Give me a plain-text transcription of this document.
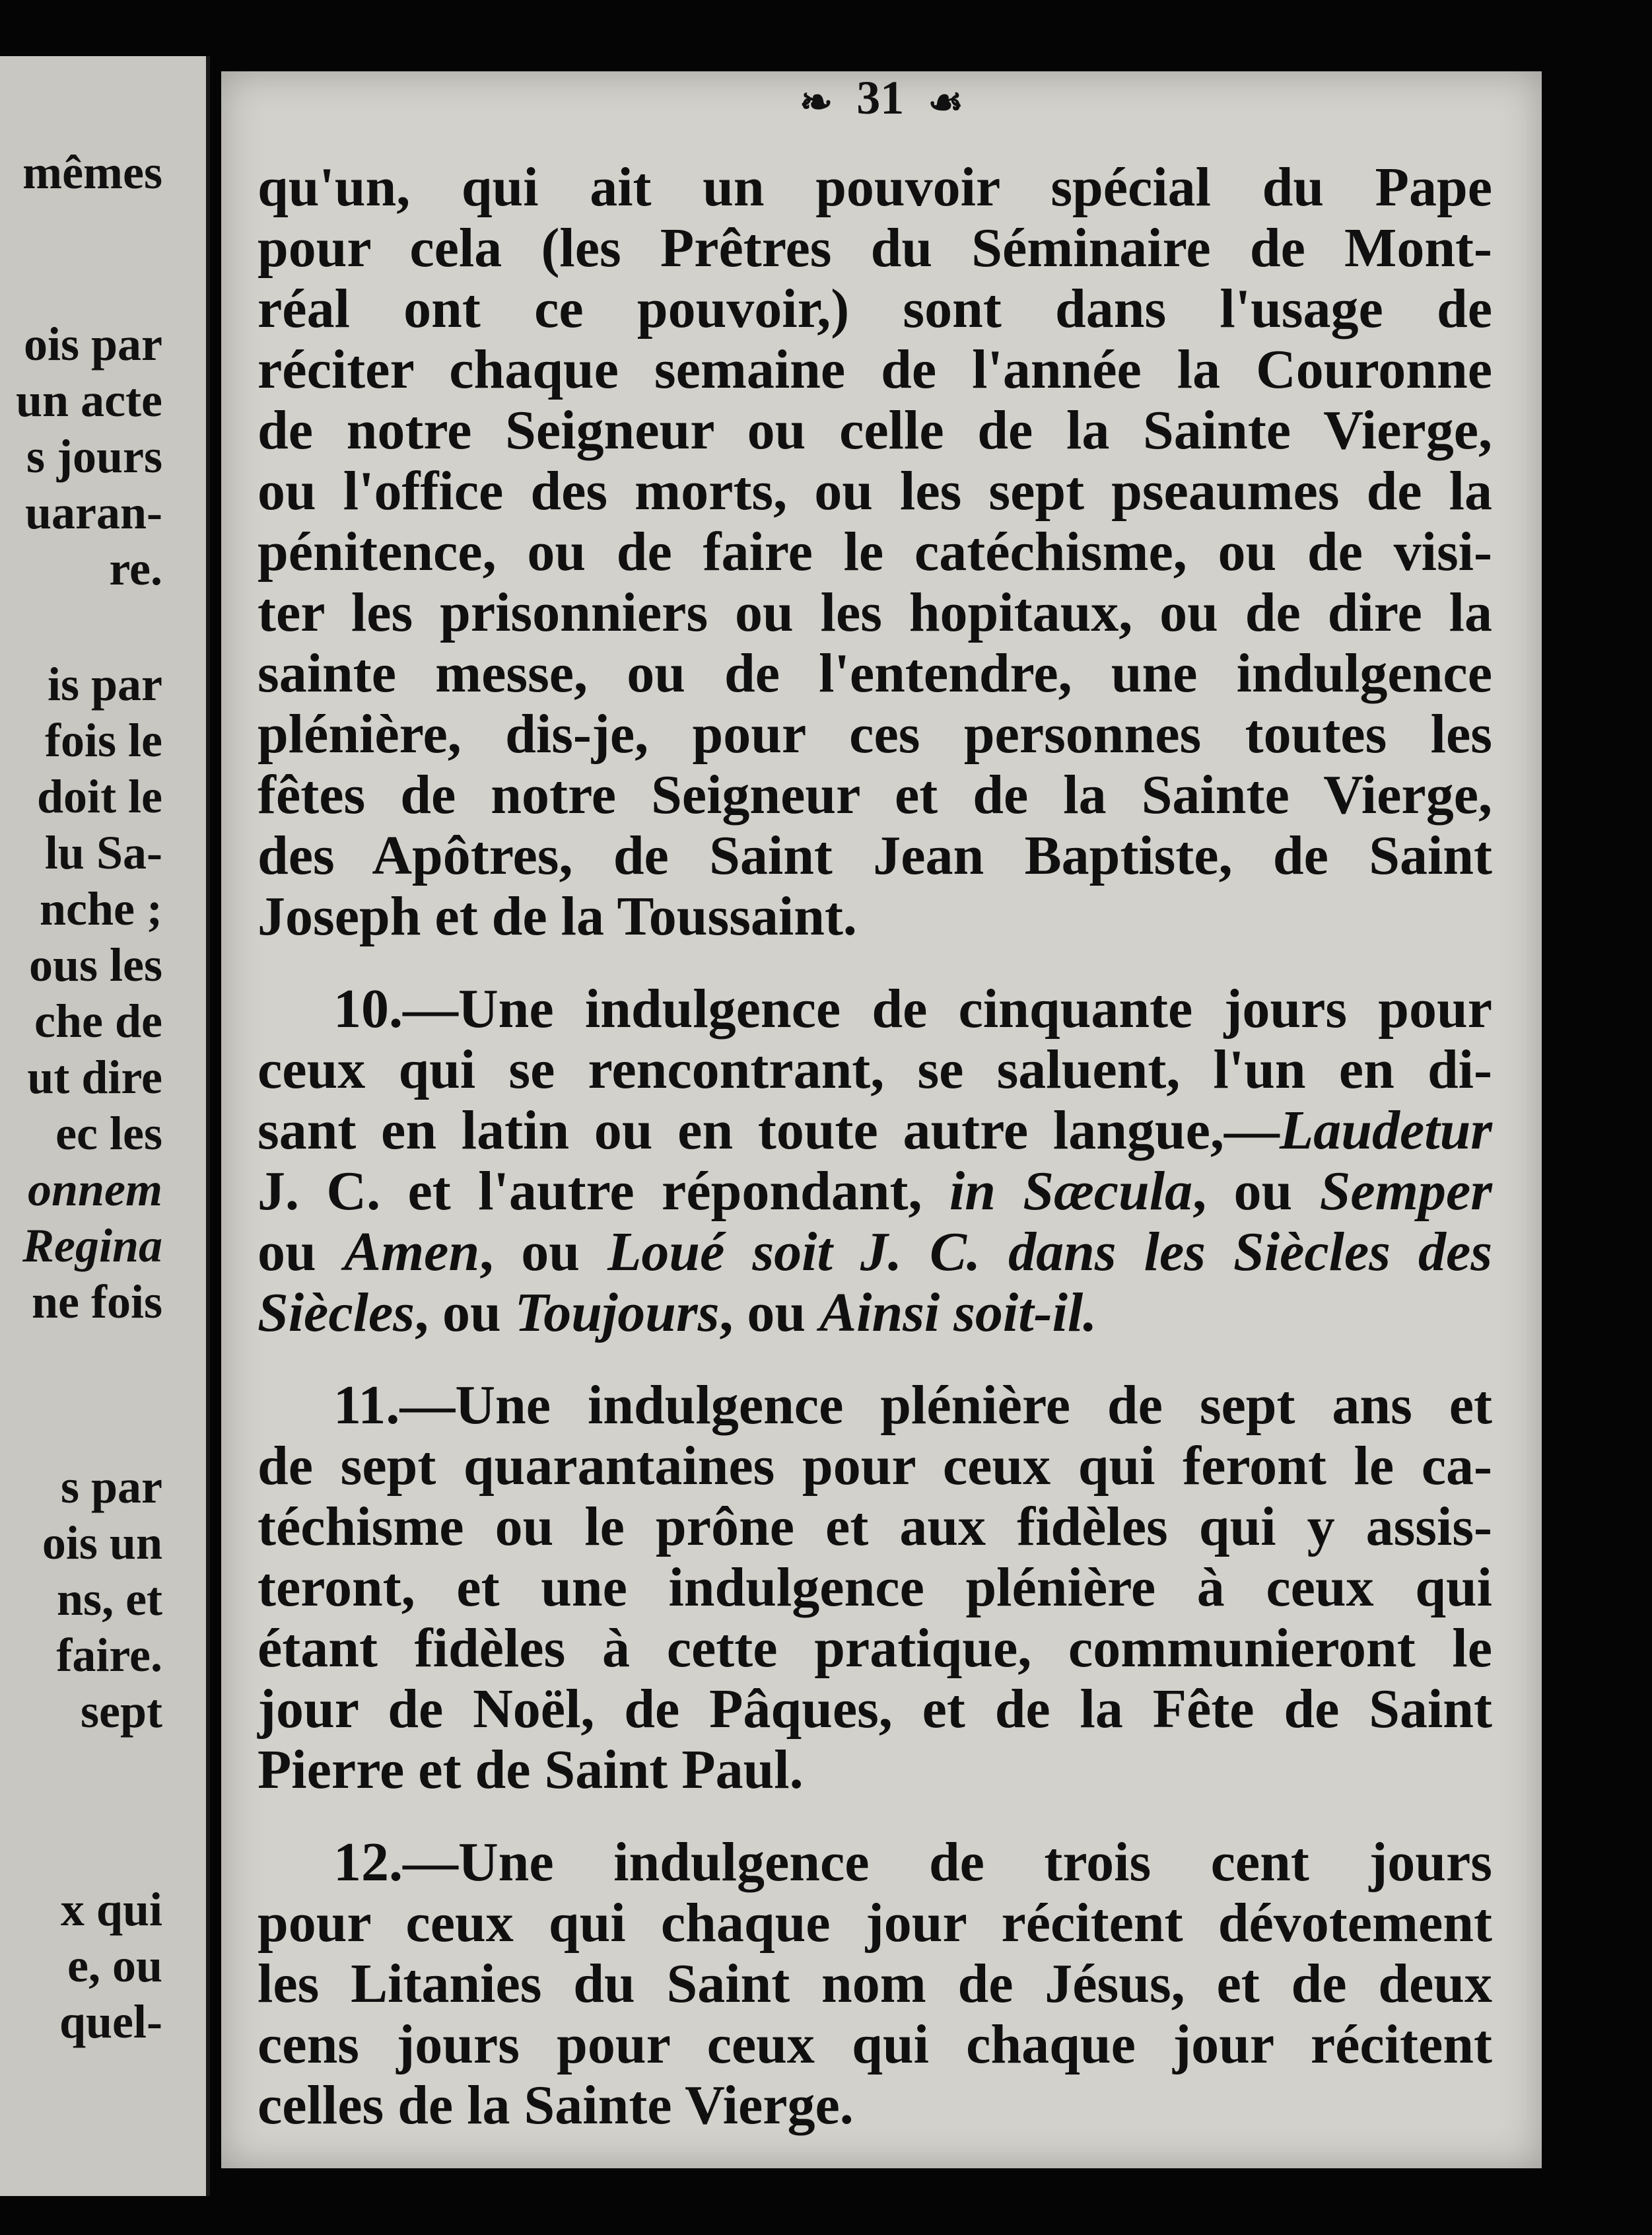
mêmes
ois par
un acte
s jours
uaran-
re.
is par
fois le
doit le
lu Sa-
nche ;
ous les
che de
ut dire
ec les
onnem
Regina
ne fois
s par
ois un
ns, et
faire.
sept
x qui
e, ou
quel-
❧ 31 ☙
qu'un, qui ait un pouvoir spécial du Pape
pour cela (les Prêtres du Séminaire de Mont-
réal ont ce pouvoir,) sont dans l'usage de
réciter chaque semaine de l'année la Couronne
de notre Seigneur ou celle de la Sainte Vierge,
ou l'office des morts, ou les sept pseaumes de la
pénitence, ou de faire le catéchisme, ou de visi-
ter les prisonniers ou les hopitaux, ou de dire la
sainte messe, ou de l'entendre, une indulgence
plénière, dis-je, pour ces personnes toutes les
fêtes de notre Seigneur et de la Sainte Vierge,
des Apôtres, de Saint Jean Baptiste, de Saint
Joseph et de la Toussaint.
10.—Une indulgence de cinquante jours pour
ceux qui se rencontrant, se saluent, l'un en di-
sant en latin ou en toute autre langue,—Laudetur
J. C. et l'autre répondant, in Sæcula, ou Semper
ou Amen, ou Loué soit J. C. dans les Siècles des
Siècles, ou Toujours, ou Ainsi soit-il.
11.—Une indulgence plénière de sept ans et
de sept quarantaines pour ceux qui feront le ca-
téchisme ou le prône et aux fidèles qui y assis-
teront, et une indulgence plénière à ceux qui
étant fidèles à cette pratique, communieront le
jour de Noël, de Pâques, et de la Fête de Saint
Pierre et de Saint Paul.
12.—Une indulgence de trois cent jours
pour ceux qui chaque jour récitent dévotement
les Litanies du Saint nom de Jésus, et de deux
cens jours pour ceux qui chaque jour récitent
celles de la Sainte Vierge.
